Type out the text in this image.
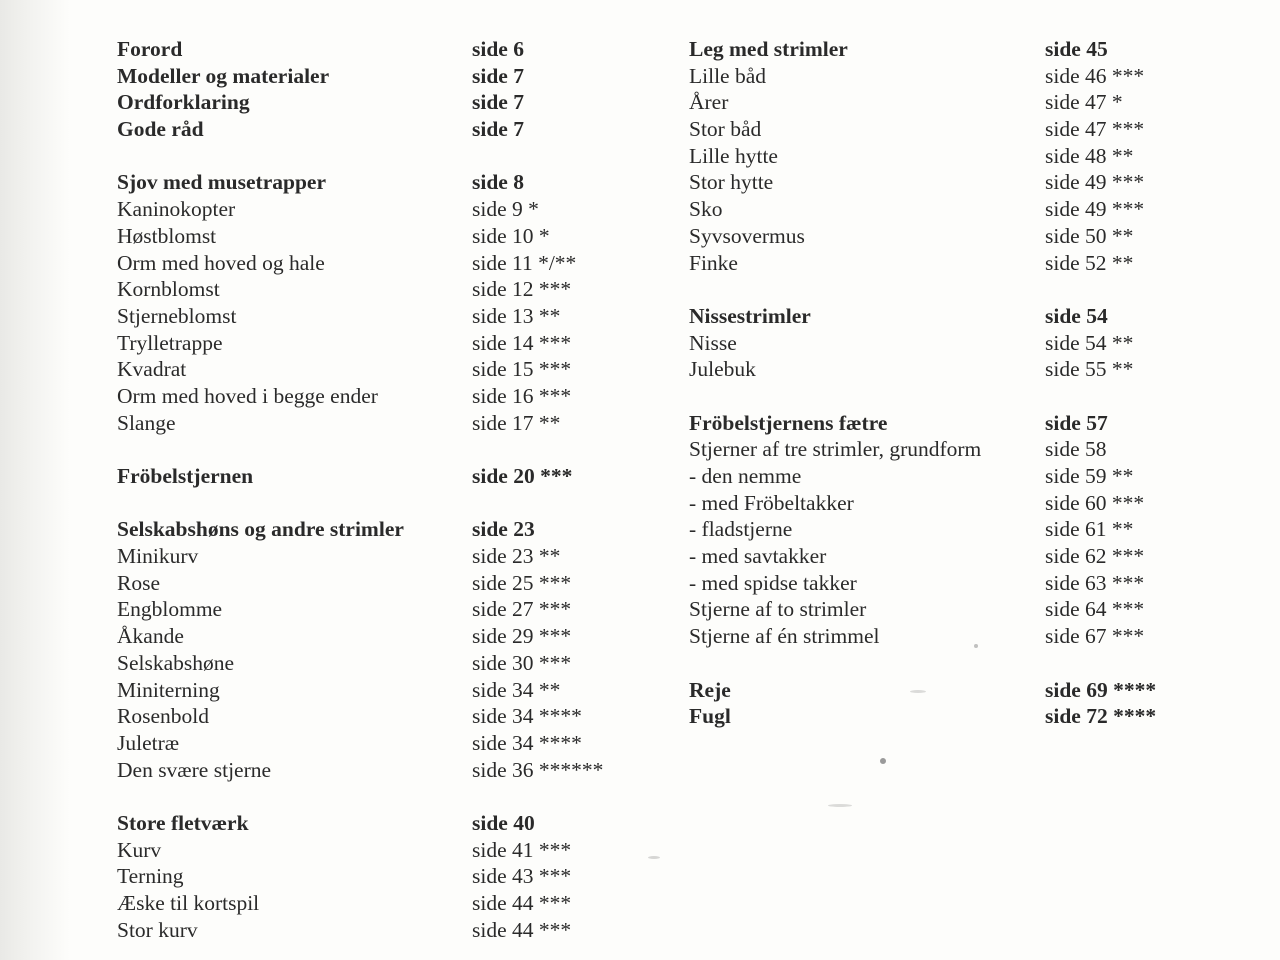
Forord	side 6
Modeller og materialer	side 7
Ordforklaring	side 7
Gode råd	side 7
Sjov med musetrapper	side 8
Kaninokopter	side 9 *
Høstblomst	side 10 *
Orm med hoved og hale	side 11 */**
Kornblomst	side 12 ***
Stjerneblomst	side 13 **
Trylletrappe	side 14 ***
Kvadrat	side 15 ***
Orm med hoved i begge ender	side 16 ***
Slange	side 17 **
Fröbelstjernen	side 20 ***
Selskabshøns og andre strimler	side 23
Minikurv	side 23 **
Rose	side 25 ***
Engblomme	side 27 ***
Åkande	side 29 ***
Selskabshøne	side 30 ***
Miniterning	side 34 **
Rosenbold	side 34 ****
Juletræ	side 34 ****
Den svære stjerne	side 36 ******
Store fletværk	side 40
Kurv	side 41 ***
Terning	side 43 ***
Æske til kortspil	side 44 ***
Stor kurv	side 44 ***
Leg med strimler	side 45
Lille båd	side 46 ***
Årer	side 47 *
Stor båd	side 47 ***
Lille hytte	side 48 **
Stor hytte	side 49 ***
Sko	side 49 ***
Syvsovermus	side 50 **
Finke	side 52 **
Nissestrimler	side 54
Nisse	side 54 **
Julebuk	side 55 **
Fröbelstjernens fætre	side 57
Stjerner af tre strimler, grundform	side 58
- den nemme	side 59 **
- med Fröbeltakker	side 60 ***
- fladstjerne	side 61 **
- med savtakker	side 62 ***
- med spidse takker	side 63 ***
Stjerne af to strimler	side 64 ***
Stjerne af én strimmel	side 67 ***
Reje	side 69 ****
Fugl	side 72 ****
